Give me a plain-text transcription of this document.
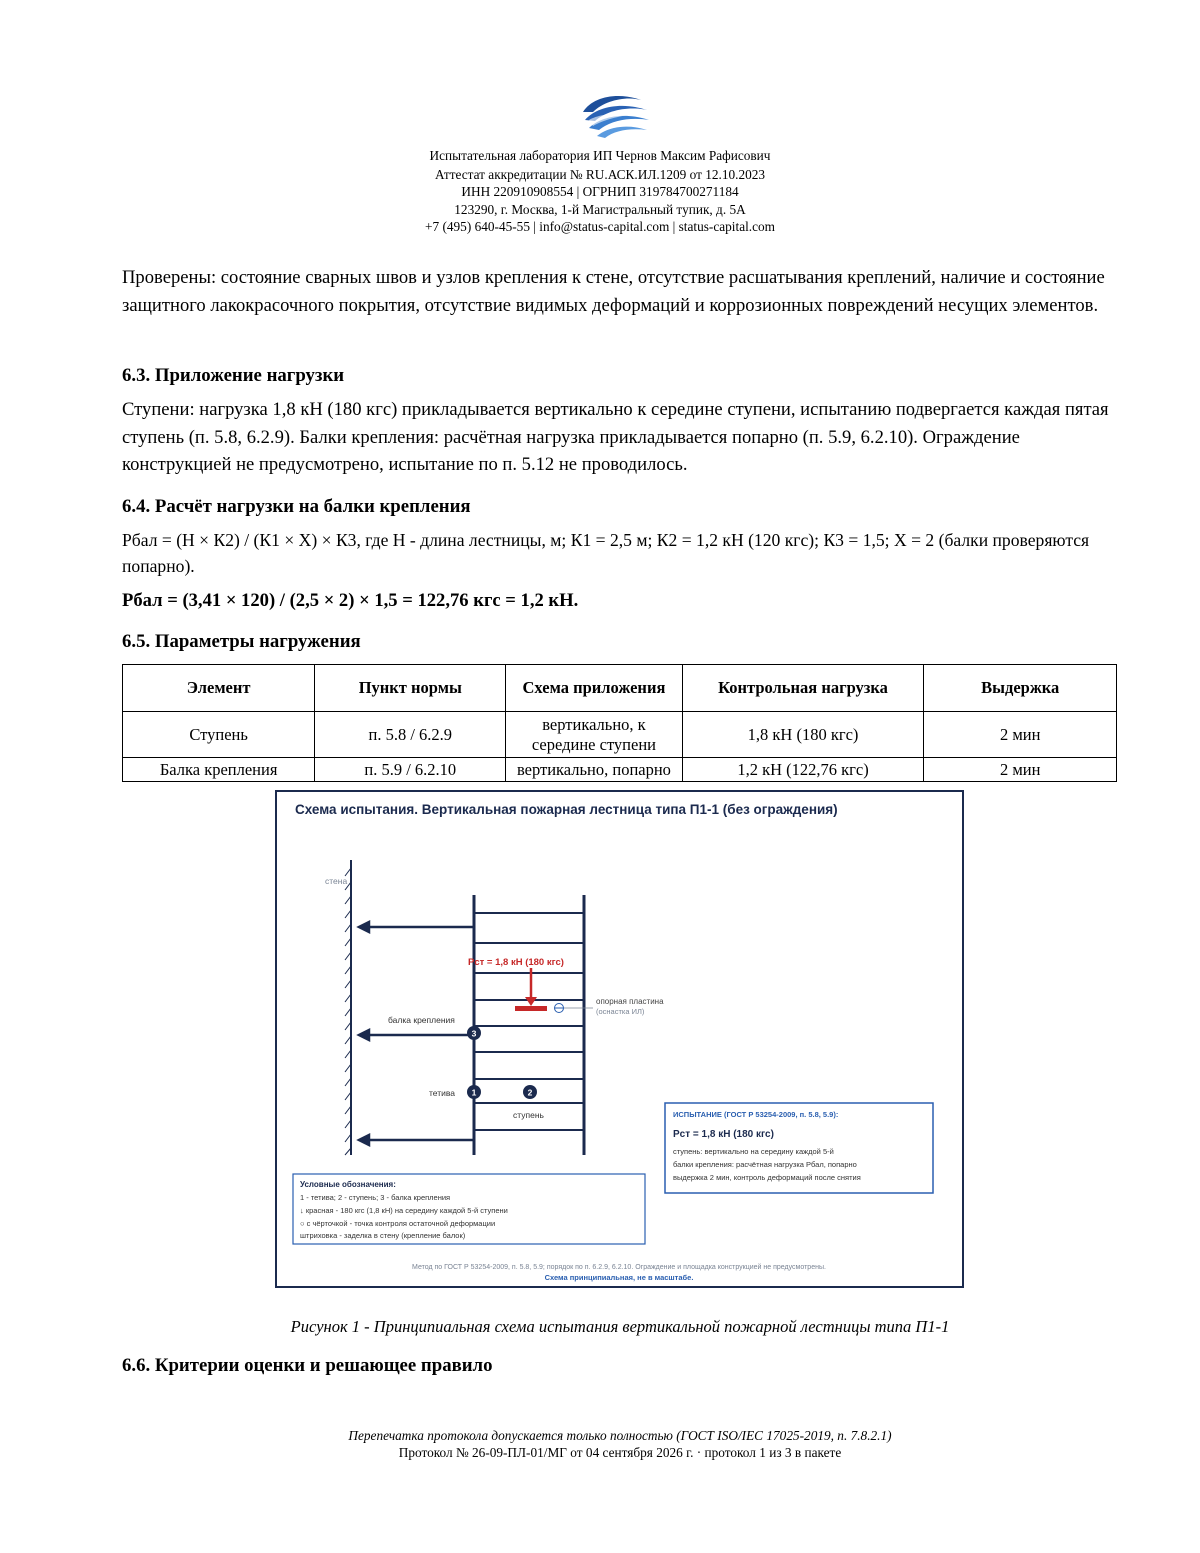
Испытательная лаборатория ИП Чернов Максим Рафисович
Аттестат аккредитации № RU.АСК.ИЛ.1209 от 12.10.2023
ИНН 220910908554 | ОГРНИП 319784700271184
123290, г. Москва, 1-й Магистральный тупик, д. 5А
+7 (495) 640-45-55 | info@status-capital.com | status-capital.com
Проверены: состояние сварных швов и узлов крепления к стене, отсутствие расшатывания креплений, наличие и состояние защитного лакокрасочного покрытия, отсутствие видимых деформаций и коррозионных повреждений несущих элементов.
6.3. Приложение нагрузки
Ступени: нагрузка 1,8 кН (180 кгс) прикладывается вертикально к середине ступени, испытанию подвергается каждая пятая ступень (п. 5.8, 6.2.9). Балки крепления: расчётная нагрузка прикладывается попарно (п. 5.9, 6.2.10). Ограждение конструкцией не предусмотрено, испытание по п. 5.12 не проводилось.
6.4. Расчёт нагрузки на балки крепления
Рбал = (Н × К2) / (К1 × Х) × К3, где Н - длина лестницы, м; К1 = 2,5 м; К2 = 1,2 кН (120 кгс); К3 = 1,5; Х = 2 (балки проверяются попарно).
Рбал = (3,41 × 120) / (2,5 × 2) × 1,5 = 122,76 кгс = 1,2 кН.
6.5. Параметры нагружения
Элемент	Пункт нормы	Схема приложения	Контрольная нагрузка	Выдержка
Ступень	п. 5.8 / 6.2.9	вертикально, к середине ступени	1,8 кН (180 кгс)	2 мин
Балка крепления	п. 5.9 / 6.2.10	вертикально, попарно	1,2 кН (122,76 кгс)	2 мин
Схема испытания. Вертикальная пожарная лестница типа П1-1 (без ограждения)
стена
Рст = 1,8 кН (180 кгс)
опорная пластина
(оснастка ИЛ)
балка крепления
3
тетива 1	2
ступень
Условные обозначения:
1 - тетива; 2 - ступень; 3 - балка крепления
↓ красная - 180 кгс (1,8 кН) на середину каждой 5-й ступени
○ с чёрточкой - точка контроля остаточной деформации
штриховка - заделка в стену (крепление балок)
ИСПЫТАНИЕ (ГОСТ Р 53254-2009, п. 5.8, 5.9):
Рст = 1,8 кН (180 кгс)
ступень: вертикально на середину каждой 5-й
балки крепления: расчётная нагрузка Рбал, попарно
выдержка 2 мин, контроль деформаций после снятия
Метод по ГОСТ Р 53254-2009, п. 5.8, 5.9; порядок по п. 6.2.9, 6.2.10. Ограждение и площадка конструкцией не предусмотрены.
Схема принципиальная, не в масштабе.
Рисунок 1 - Принципиальная схема испытания вертикальной пожарной лестницы типа П1-1
6.6. Критерии оценки и решающее правило
Перепечатка протокола допускается только полностью (ГОСТ ISO/IEC 17025-2019, п. 7.8.2.1)
Протокол № 26-09-ПЛ-01/МГ от 04 сентября 2026 г. · протокол 1 из 3 в пакете
